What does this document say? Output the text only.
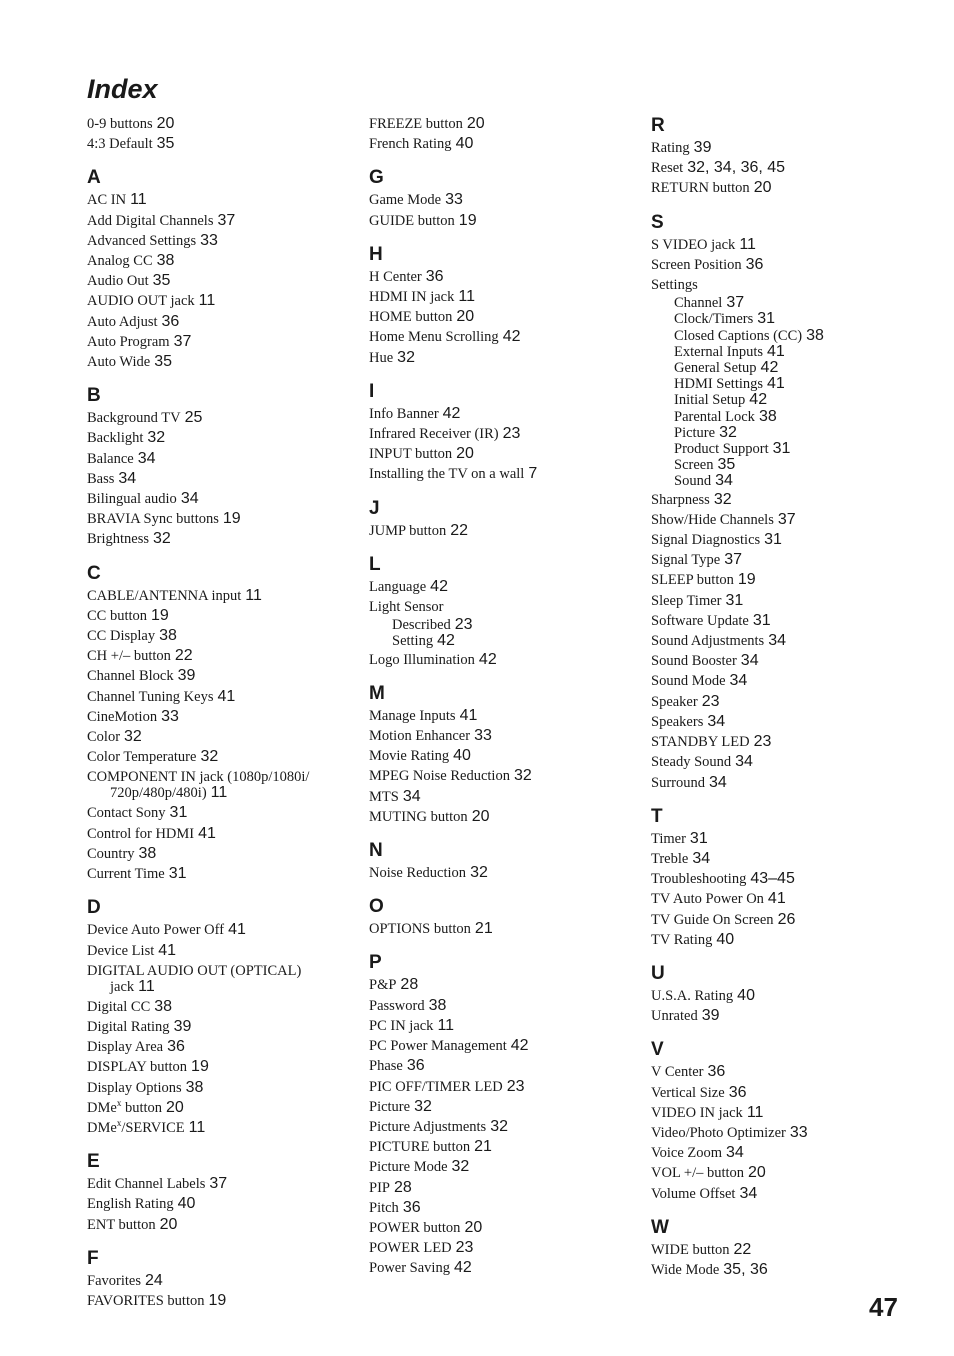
Index
0-9 buttons 20
4:3 Default 35
A
AC IN 11
Add Digital Channels 37
Advanced Settings 33
Analog CC 38
Audio Out 35
AUDIO OUT jack 11
Auto Adjust 36
Auto Program 37
Auto Wide 35
B
Background TV 25
Backlight 32
Balance 34
Bass 34
Bilingual audio 34
BRAVIA Sync buttons 19
Brightness 32
C
CABLE/ANTENNA input 11
CC button 19
CC Display 38
CH +/– button 22
Channel Block 39
Channel Tuning Keys 41
CineMotion 33
Color 32
Color Temperature 32
COMPONENT IN jack (1080p/1080i/
720p/480p/480i) 11
Contact Sony 31
Control for HDMI 41
Country 38
Current Time 31
D
Device Auto Power Off 41
Device List 41
DIGITAL AUDIO OUT (OPTICAL)
jack 11
Digital CC 38
Digital Rating 39
Display Area 36
DISPLAY button 19
Display Options 38
DMe$^x$ button 20
DMe$^x$/SERVICE 11
E
Edit Channel Labels 37
English Rating 40
ENT button 20
F
Favorites 24
FAVORITES button 19
FREEZE button 20
French Rating 40
G
Game Mode 33
GUIDE button 19
H
H Center 36
HDMI IN jack 11
HOME button 20
Home Menu Scrolling 42
Hue 32
I
Info Banner 42
Infrared Receiver (IR) 23
INPUT button 20
Installing the TV on a wall 7
J
JUMP button 22
L
Language 42
Light Sensor
Described 23
Setting 42
Logo Illumination 42
M
Manage Inputs 41
Motion Enhancer 33
Movie Rating 40
MPEG Noise Reduction 32
MTS 34
MUTING button 20
N
Noise Reduction 32
O
OPTIONS button 21
P
P&P 28
Password 38
PC IN jack 11
PC Power Management 42
Phase 36
PIC OFF/TIMER LED 23
Picture 32
Picture Adjustments 32
PICTURE button 21
Picture Mode 32
PIP 28
Pitch 36
POWER button 20
POWER LED 23
Power Saving 42
R
Rating 39
Reset 32, 34, 36, 45
RETURN button 20
S
S VIDEO jack 11
Screen Position 36
Settings
Channel 37
Clock/Timers 31
Closed Captions (CC) 38
External Inputs 41
General Setup 42
HDMI Settings 41
Initial Setup 42
Parental Lock 38
Picture 32
Product Support 31
Screen 35
Sound 34
Sharpness 32
Show/Hide Channels 37
Signal Diagnostics 31
Signal Type 37
SLEEP button 19
Sleep Timer 31
Software Update 31
Sound Adjustments 34
Sound Booster 34
Sound Mode 34
Speaker 23
Speakers 34
STANDBY LED 23
Steady Sound 34
Surround 34
T
Timer 31
Treble 34
Troubleshooting 43–45
TV Auto Power On 41
TV Guide On Screen 26
TV Rating 40
U
U.S.A. Rating 40
Unrated 39
V
V Center 36
Vertical Size 36
VIDEO IN jack 11
Video/Photo Optimizer 33
Voice Zoom 34
VOL +/– button 20
Volume Offset 34
W
WIDE button 22
Wide Mode 35, 36
47
